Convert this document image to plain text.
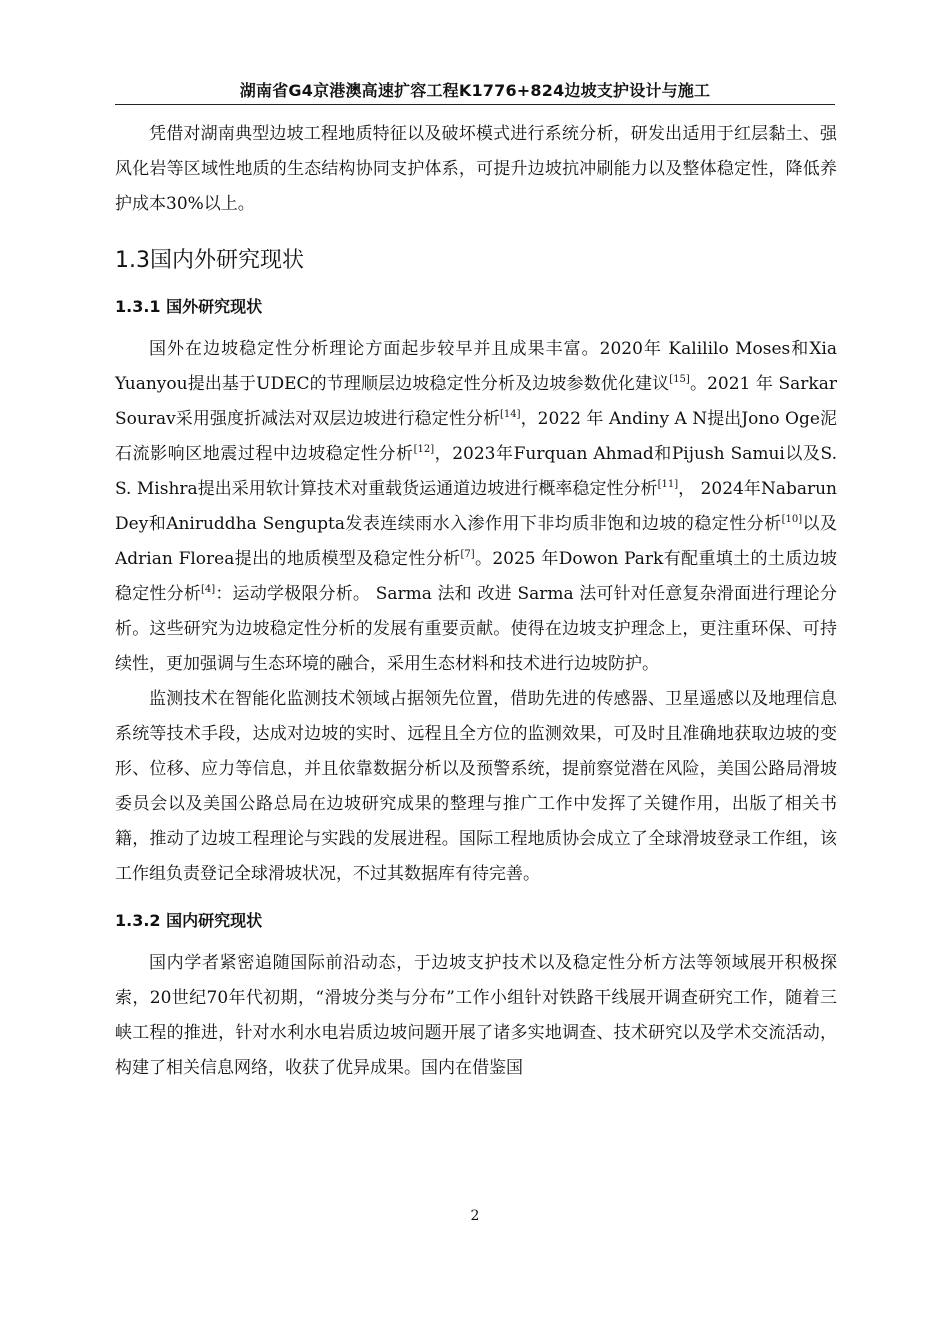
湖南省G4京港澳高速扩容工程K1776+824边坡支护设计与施工

凭借对湖南典型边坡工程地质特征以及破坏模式进行系统分析，研发出适用于红层黏土、强风化岩等区域性地质的生态结构协同支护体系，可提升边坡抗冲刷能力以及整体稳定性，降低养护成本30%以上。

1.3国内外研究现状
1.3.1 国外研究现状

国外在边坡稳定性分析理论方面起步较早并且成果丰富。2020年 Kalililo Moses和Xia Yuanyou提出基于UDEC的节理顺层边坡稳定性分析及边坡参数优化建议[15]。2021 年 Sarkar Sourav采用强度折减法对双层边坡进行稳定性分析[14]，2022 年 Andiny A N提出Jono Oge泥石流影响区地震过程中边坡稳定性分析[12]，2023年Furquan Ahmad和Pijush Samui以及S. S. Mishra提出采用软计算技术对重载货运通道边坡进行概率稳定性分析[11]， 2024年Nabarun Dey和Aniruddha Sengupta发表连续雨水入渗作用下非均质非饱和边坡的稳定性分析[10]以及Adrian Florea提出的地质模型及稳定性分析[7]。2025 年Dowon Park有配重填土的土质边坡稳定性分析[4]：运动学极限分析。 Sarma 法和 改进 Sarma 法可针对任意复杂滑面进行理论分析。这些研究为边坡稳定性分析的发展有重要贡献。使得在边坡支护理念上，更注重环保、可持续性，更加强调与生态环境的融合，采用生态材料和技术进行边坡防护。

监测技术在智能化监测技术领域占据领先位置，借助先进的传感器、卫星遥感以及地理信息系统等技术手段，达成对边坡的实时、远程且全方位的监测效果，可及时且准确地获取边坡的变形、位移、应力等信息，并且依靠数据分析以及预警系统，提前察觉潜在风险，美国公路局滑坡委员会以及美国公路总局在边坡研究成果的整理与推广工作中发挥了关键作用，出版了相关书籍，推动了边坡工程理论与实践的发展进程。国际工程地质协会成立了全球滑坡登录工作组，该工作组负责登记全球滑坡状况，不过其数据库有待完善。

1.3.2 国内研究现状

国内学者紧密追随国际前沿动态，于边坡支护技术以及稳定性分析方法等领域展开积极探索，20世纪70年代初期，“滑坡分类与分布”工作小组针对铁路干线展开调查研究工作，随着三峡工程的推进，针对水利水电岩质边坡问题开展了诸多实地调查、技术研究以及学术交流活动，构建了相关信息网络，收获了优异成果。国内在借鉴国

2
